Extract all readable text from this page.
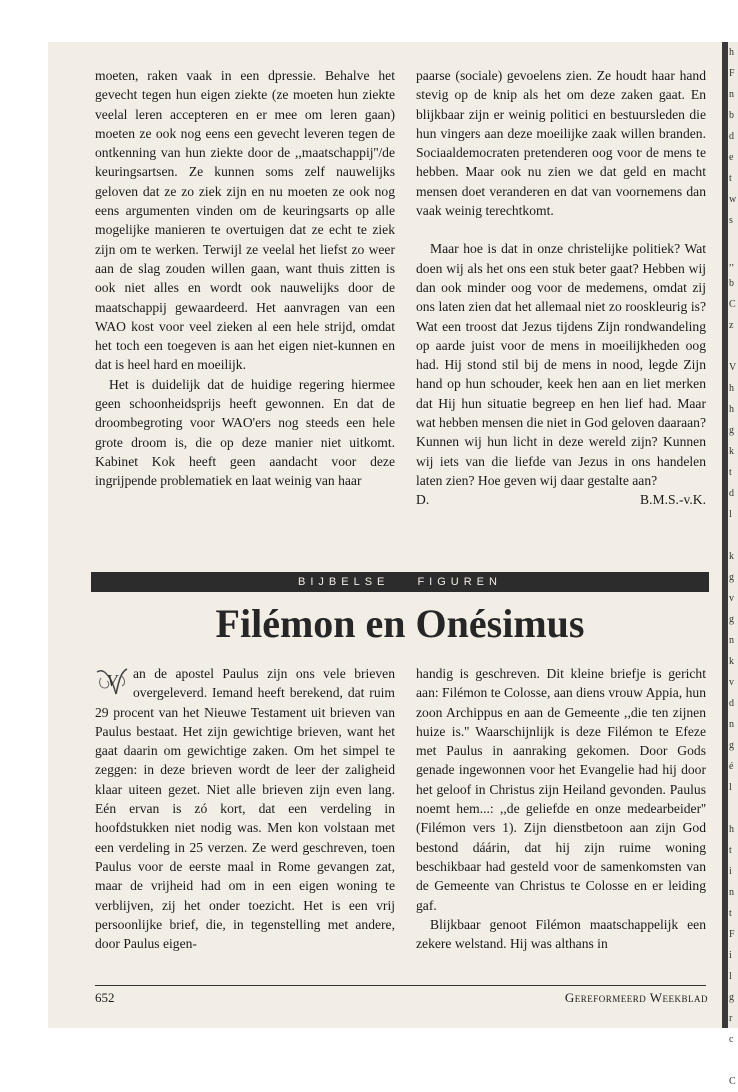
h
F
n
b
d
e
t
w
s

,,
b
C
z

V
h
h
g
k
t
d
l

k
g
v
g
n
k
v
d
n
g
é
l

h
t
i
n
t
F
i
l
g
r
c

C

moeten, raken vaak in een dpressie. Behalve het gevecht tegen hun eigen ziekte (ze moeten hun ziekte veelal leren accepteren en er mee om leren gaan) moeten ze ook nog eens een gevecht leveren tegen de ontkenning van hun ziekte door de ,,maatschappij''/de keuringsartsen. Ze kunnen soms zelf nauwelijks geloven dat ze zo ziek zijn en nu moeten ze ook nog eens argumenten vinden om de keuringsarts op alle mogelijke manieren te overtuigen dat ze echt te ziek zijn om te werken. Terwijl ze veelal het liefst zo weer aan de slag zouden willen gaan, want thuis zitten is ook niet alles en wordt ook nauwelijks door de maatschappij gewaardeerd. Het aanvragen van een WAO kost voor veel zieken al een hele strijd, omdat het toch een toegeven is aan het eigen niet-kunnen en dat is heel hard en moeilijk.

Het is duidelijk dat de huidige regering hiermee geen schoonheidsprijs heeft gewonnen. En dat de droombegroting voor WAO'ers nog steeds een hele grote droom is, die op deze manier niet uitkomt. Kabinet Kok heeft geen aandacht voor deze ingrijpende problematiek en laat weinig van haar

paarse (sociale) gevoelens zien. Ze houdt haar hand stevig op de knip als het om deze zaken gaat. En blijkbaar zijn er weinig politici en bestuursleden die hun vingers aan deze moeilijke zaak willen branden. Sociaaldemocraten pretenderen oog voor de mens te hebben. Maar ook nu zien we dat geld en macht mensen doet veranderen en dat van voornemens dan vaak weinig terechtkomt.

Maar hoe is dat in onze christelijke politiek? Wat doen wij als het ons een stuk beter gaat? Hebben wij dan ook minder oog voor de medemens, omdat zij ons laten zien dat het allemaal niet zo rooskleurig is? Wat een troost dat Jezus tijdens Zijn rondwandeling op aarde juist voor de mens in moeilijkheden oog had. Hij stond stil bij de mens in nood, legde Zijn hand op hun schouder, keek hen aan en liet merken dat Hij hun situatie begreep en hen lief had. Maar wat hebben mensen die niet in God geloven daaraan? Kunnen wij hun licht in deze wereld zijn? Kunnen wij iets van die liefde van Jezus in ons handelen laten zien? Hoe geven wij daar gestalte aan?

D.	B.M.S.-v.K.
BIJBELSE	FIGUREN
Filémon en Onésimus
V	an de apostel Paulus zijn ons vele brieven overgeleverd. Iemand heeft berekend, dat ruim 29 procent van het Nieuwe Testament uit brieven van Paulus bestaat. Het zijn gewichtige brieven, want het gaat daarin om gewichtige zaken. Om het simpel te zeggen: in deze brieven wordt de leer der zaligheid klaar uiteen gezet. Niet alle brieven zijn even lang. Eén ervan is zó kort, dat een verdeling in hoofdstukken niet nodig was. Men kon volstaan met een verdeling in 25 verzen. Ze werd geschreven, toen Paulus voor de eerste maal in Rome gevangen zat, maar de vrijheid had om in een eigen woning te verblijven, zij het onder toezicht. Het is een vrij persoonlijke brief, die, in tegenstelling met andere, door Paulus eigen-

handig is geschreven. Dit kleine briefje is gericht aan: Filémon te Colosse, aan diens vrouw Appia, hun zoon Archippus en aan de Gemeente ,,die ten zijnen huize is.'' Waarschijnlijk is deze Filémon te Efeze met Paulus in aanraking gekomen. Door Gods genade ingewonnen voor het Evangelie had hij door het geloof in Christus zijn Heiland gevonden. Paulus noemt hem...: ,,de geliefde en onze medearbeider'' (Filémon vers 1). Zijn dienstbetoon aan zijn God bestond dáárin, dat hij zijn ruime woning beschikbaar had gesteld voor de samenkomsten van de Gemeente van Christus te Colosse en er leiding gaf.

Blijkbaar genoot Filémon maatschappelijk een zekere welstand. Hij was althans in

652	Gereformeerd Weekblad
